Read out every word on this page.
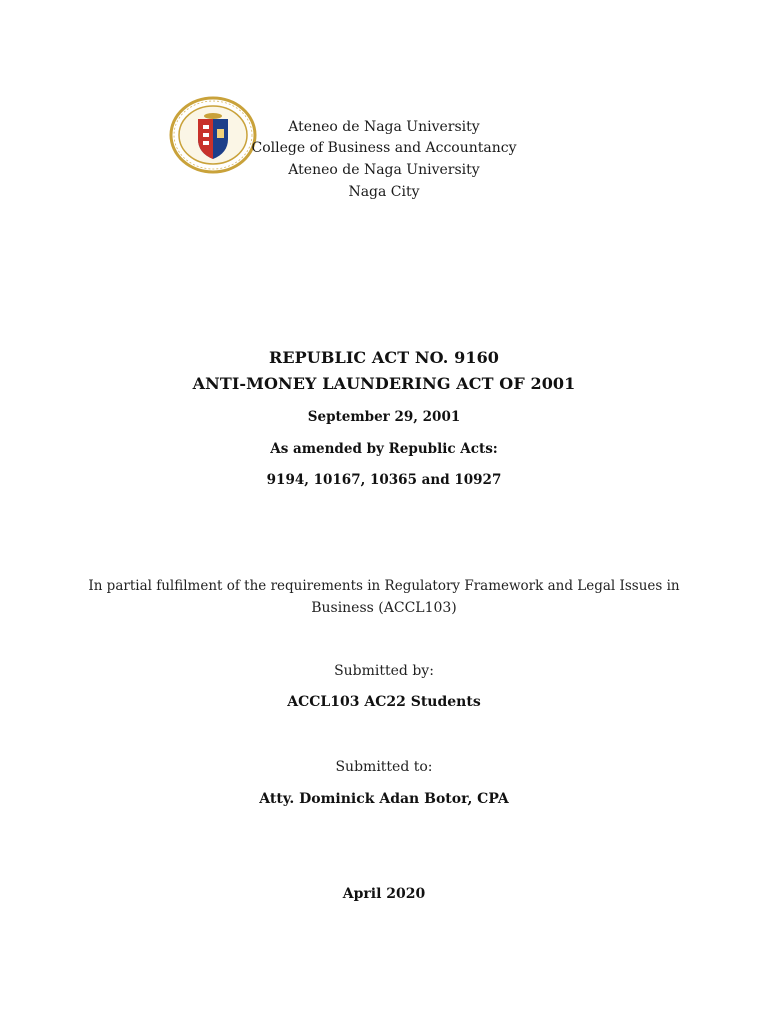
Ateneo de Naga University
College of Business and Accountancy
Ateneo de Naga University
Naga City
REPUBLIC ACT NO. 9160
ANTI-MONEY LAUNDERING ACT OF 2001
September 29, 2001
As amended by Republic Acts:
9194, 10167, 10365 and 10927
In partial fulfilment of the requirements in Regulatory Framework and Legal Issues in
Business (ACCL103)
Submitted by:
ACCL103 AC22 Students
Submitted to:
Atty. Dominick Adan Botor, CPA
April 2020
